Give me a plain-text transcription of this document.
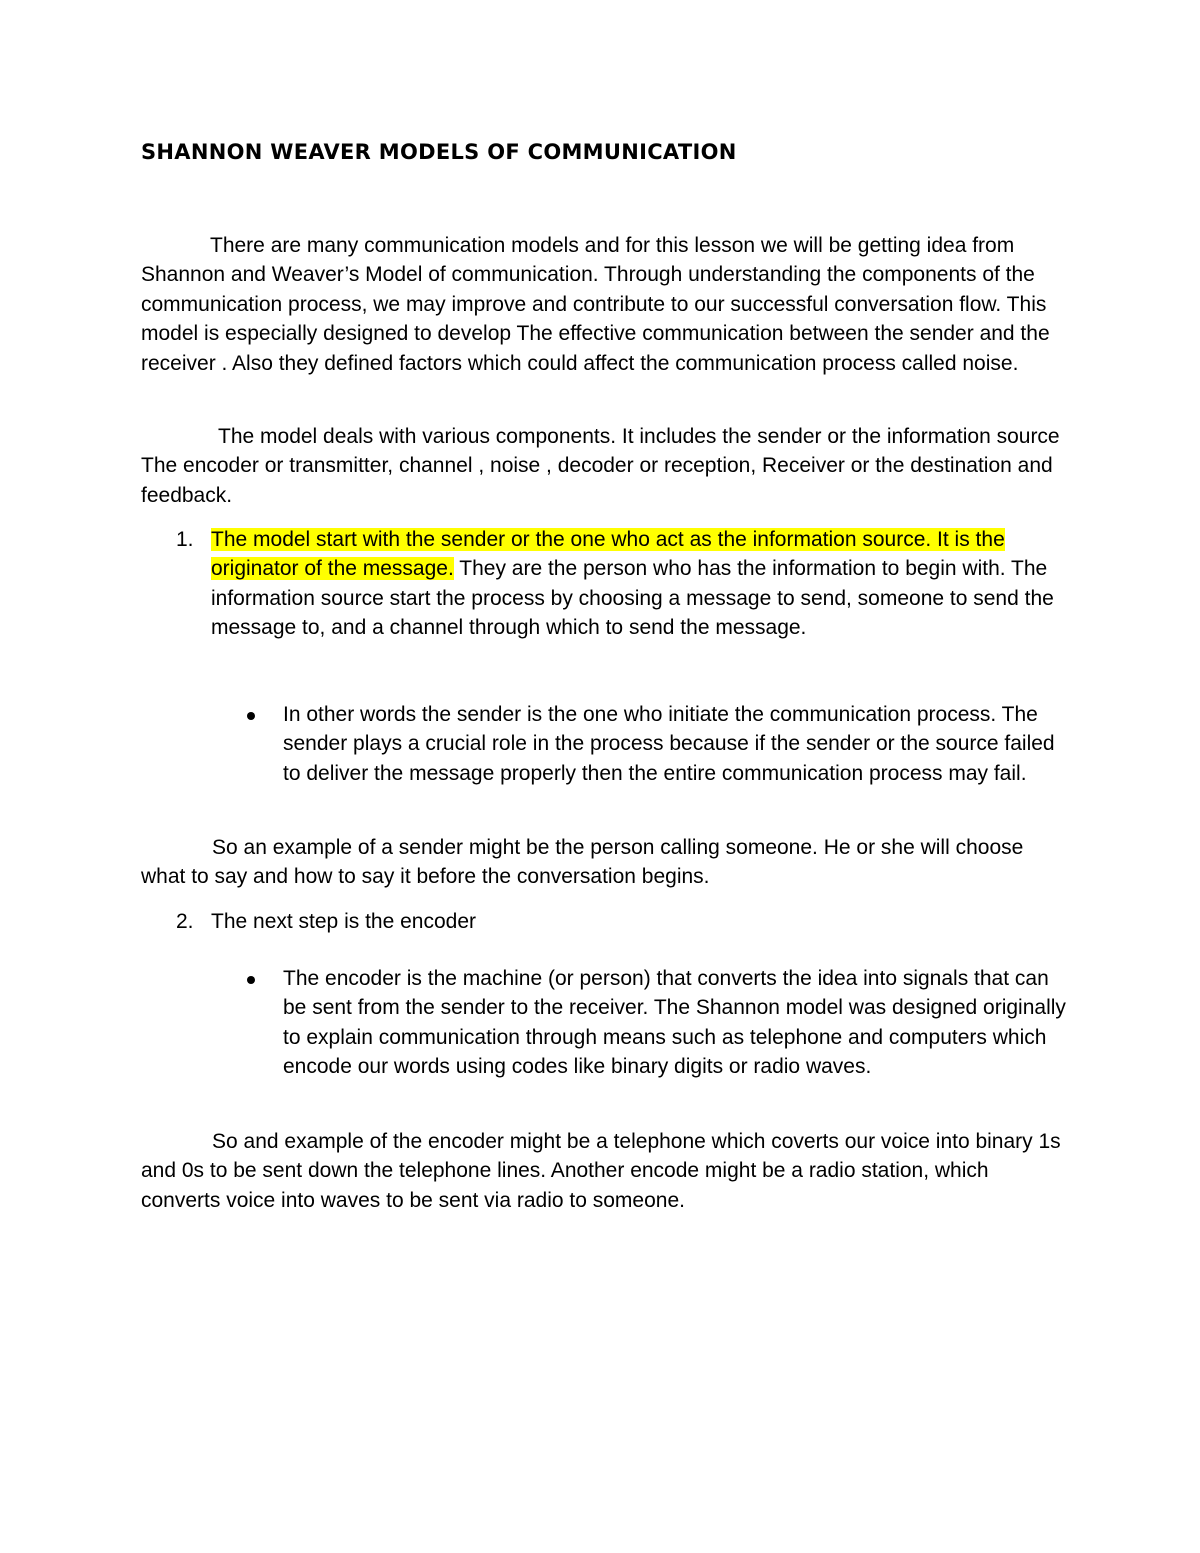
SHANNON WEAVER MODELS OF COMMUNICATION

There are many communication models and for this lesson we will be getting idea from Shannon and Weaver’s Model of communication. Through understanding the components of the communication process, we may improve and contribute to our successful conversation flow. This model is especially designed to develop The effective communication between the sender and the receiver . Also they defined factors which could affect the communication process called noise.

The model deals with various components. It includes the sender or the information source The encoder or transmitter, channel , noise , decoder or reception, Receiver or the destination and feedback.

1. The model start with the sender or the one who act as the information source. It is the originator of the message. They are the person who has the information to begin with. The information source start the process by choosing a message to send, someone to send the message to, and a channel through which to send the message.

In other words the sender is the one who initiate the communication process. The sender plays a crucial role in the process because if the sender or the source failed to deliver the message properly then the entire communication process may fail.

So an example of a sender might be the person calling someone. He or she will choose what to say and how to say it before the conversation begins.

2. The next step is the encoder

The encoder is the machine (or person) that converts the idea into signals that can be sent from the sender to the receiver. The Shannon model was designed originally to explain communication through means such as telephone and computers which encode our words using codes like binary digits or radio waves.

So and example of the encoder might be a telephone which coverts our voice into binary 1s and 0s to be sent down the telephone lines. Another encode might be a radio station, which converts voice into waves to be sent via radio to someone.
